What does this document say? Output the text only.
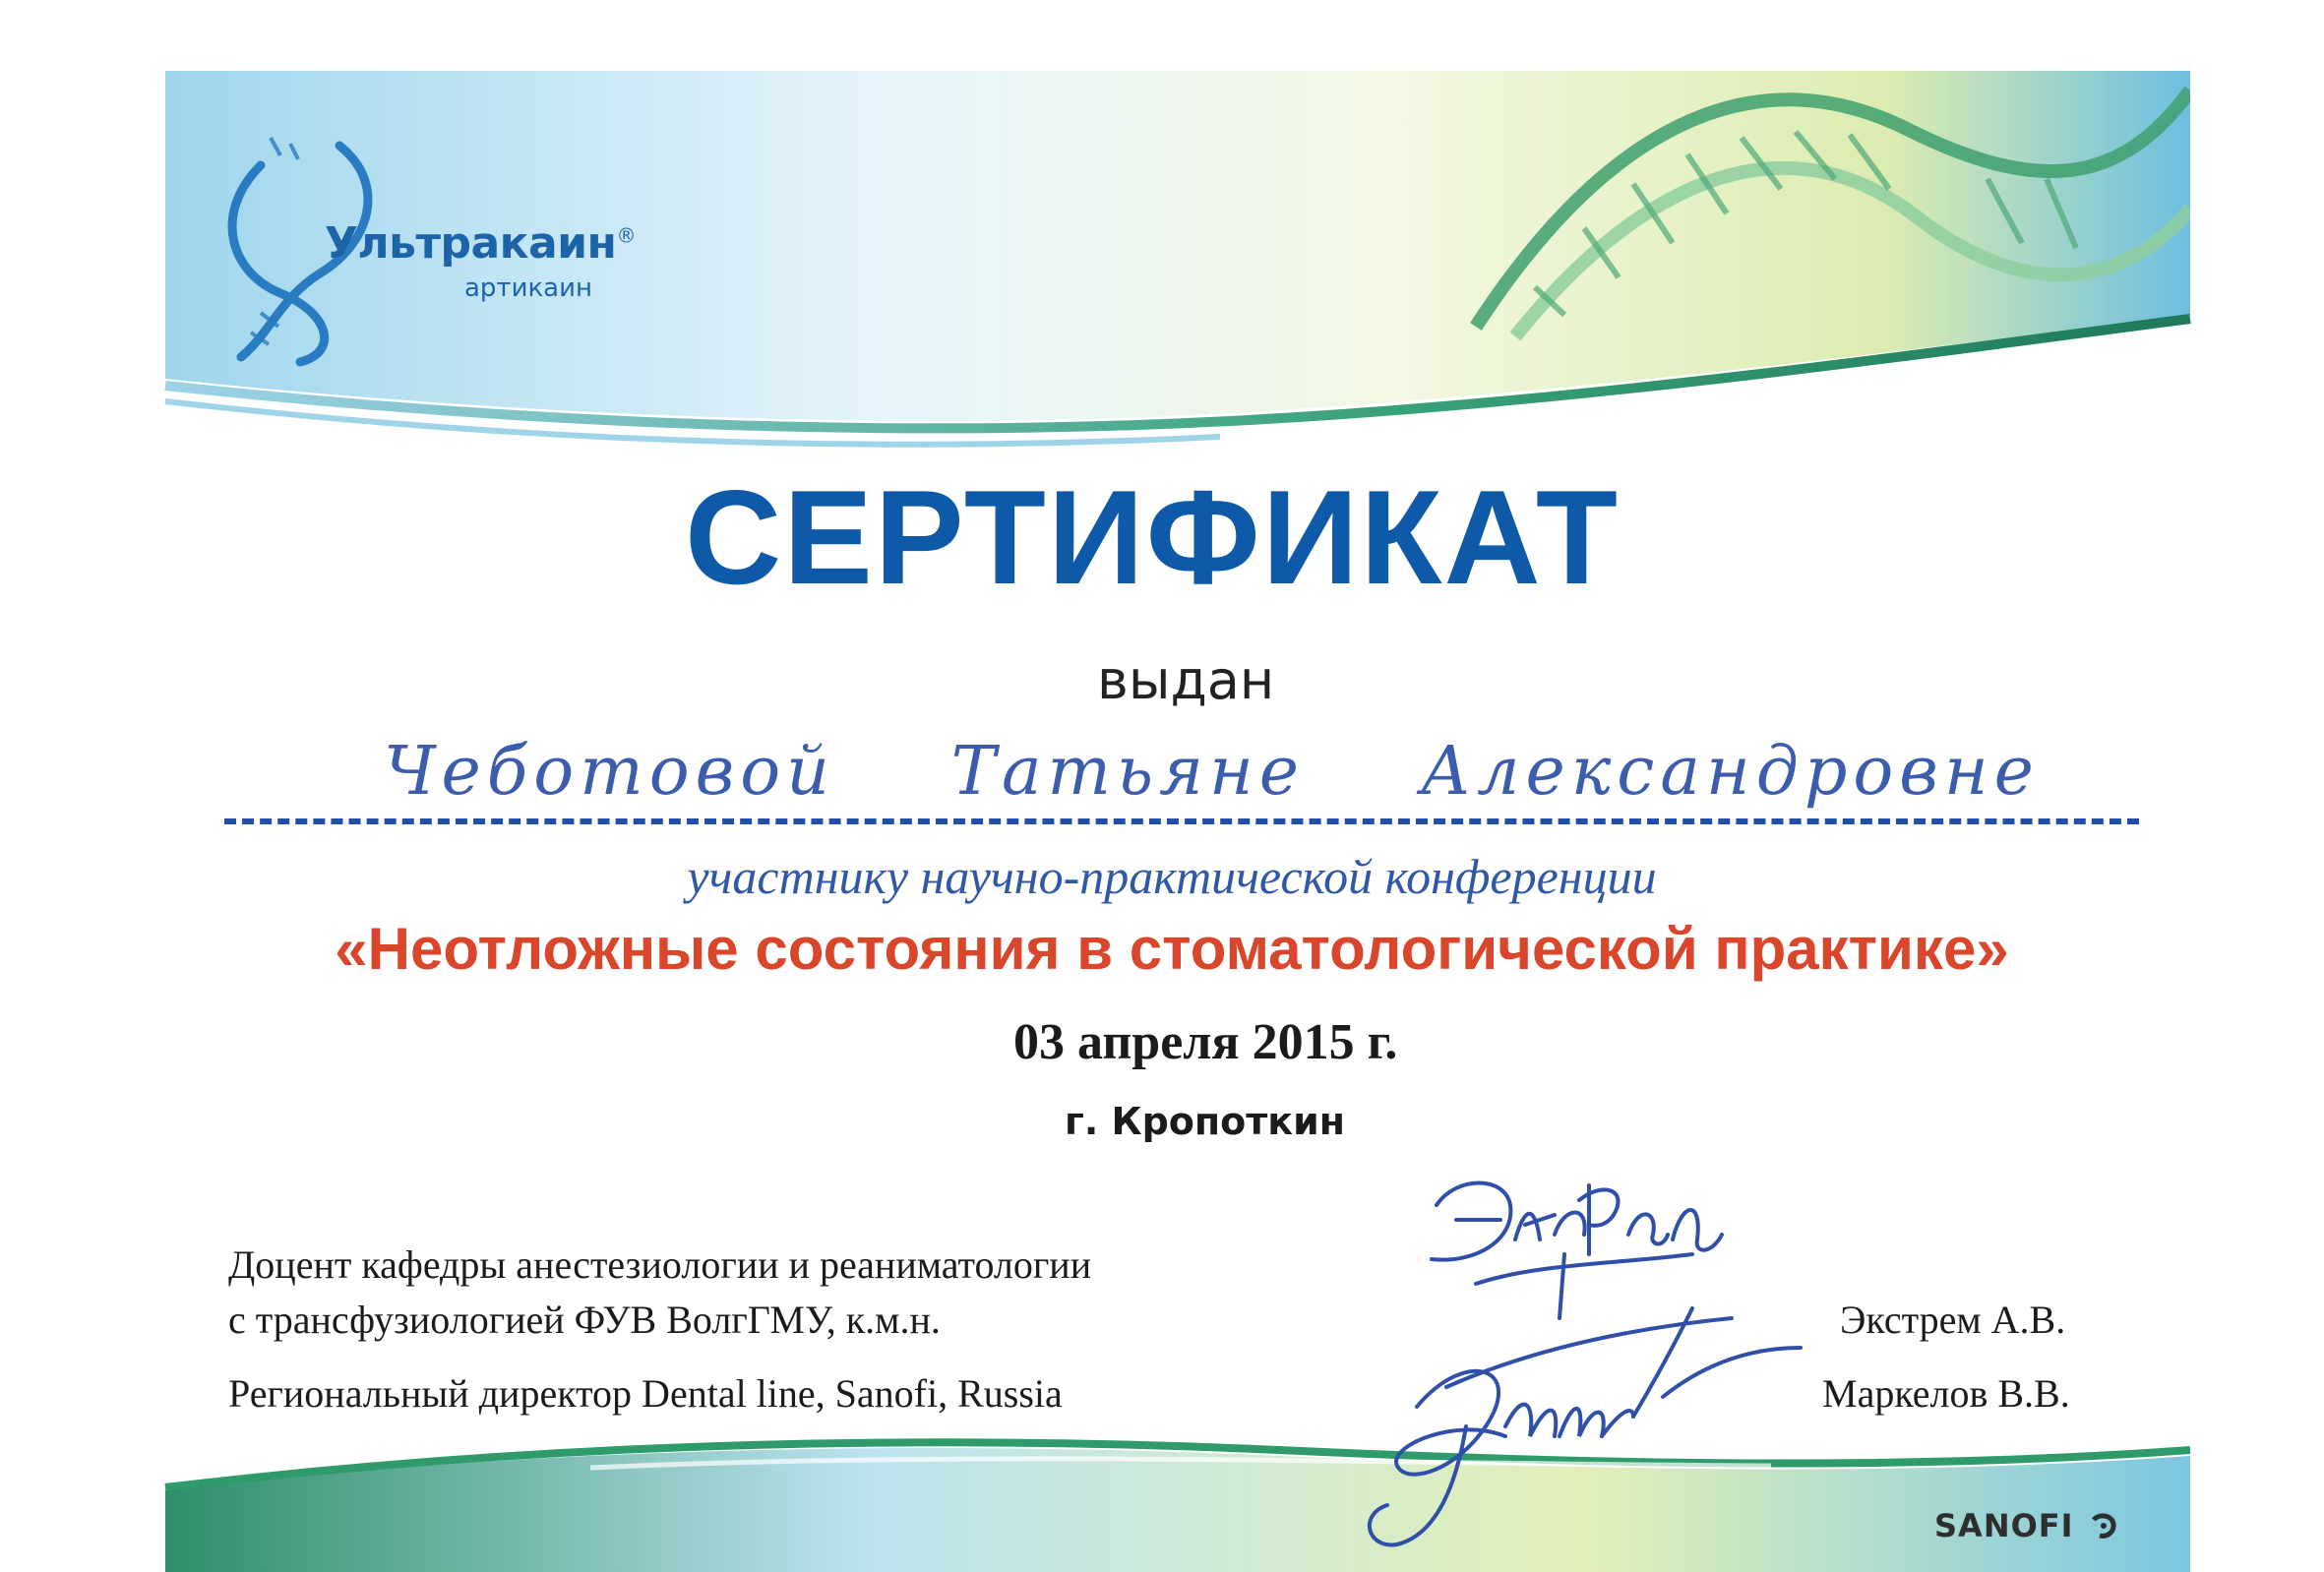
Ультракаин®
артикаин
СЕРТИФИКАТ
выдан
Чеботовой Татьяне Александровне
участнику научно-практической конференции
«Неотложные состояния в стоматологической практике»
03 апреля 2015 г.
г. Кропоткин
Доцент кафедры анестезиологии и реаниматологии
с трансфузиологией ФУВ ВолгГМУ, к.м.н.
Региональный директор Dental line, Sanofi, Russia
Экстрем А.В.
Маркелов В.В.
SANOFI
